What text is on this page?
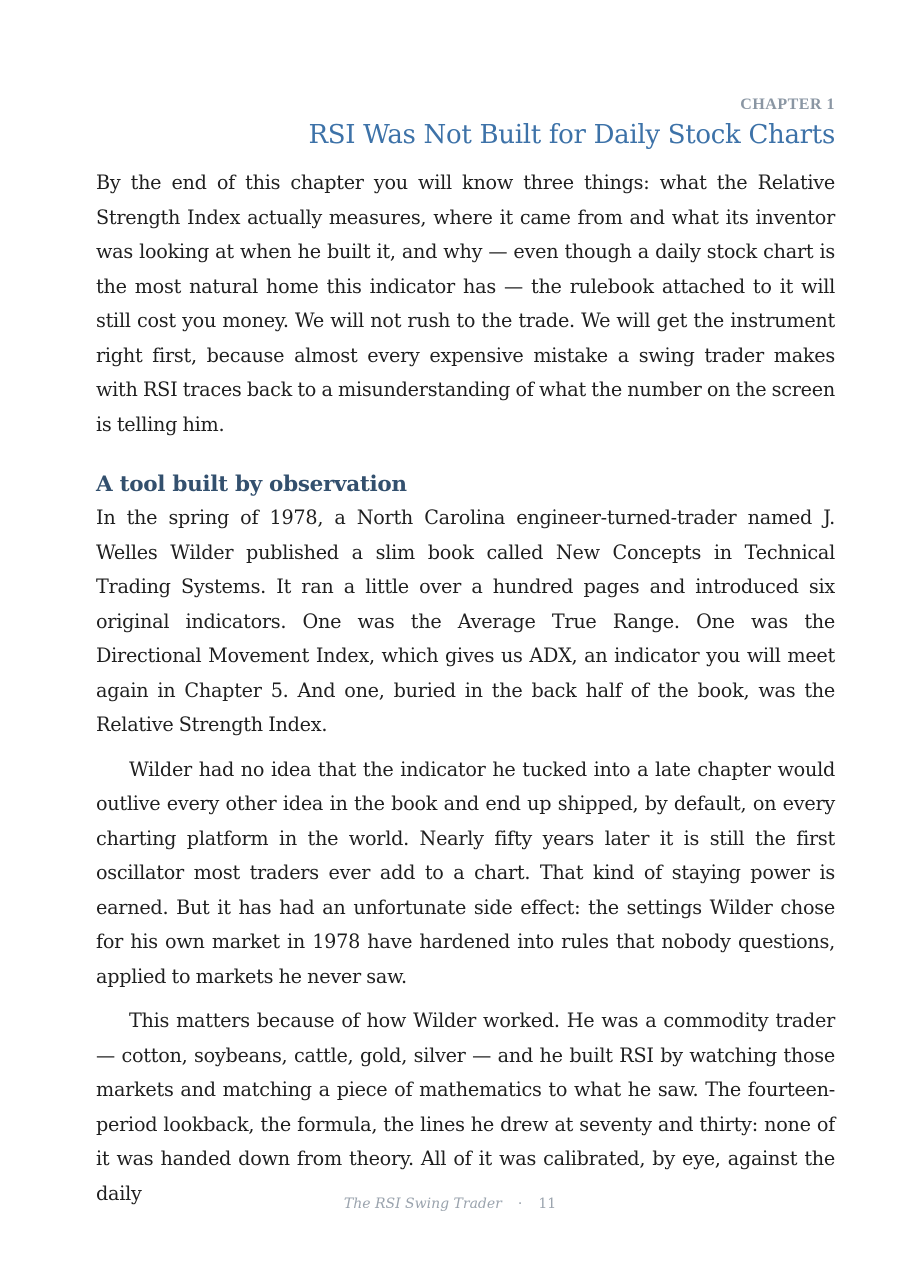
CHAPTER 1
RSI Was Not Built for Daily Stock Charts

By the end of this chapter you will know three things: what the Relative Strength Index actually measures, where it came from and what its inventor was looking at when he built it, and why — even though a daily stock chart is the most natural home this indicator has — the rulebook attached to it will still cost you money. We will not rush to the trade. We will get the instrument right first, because almost every expensive mistake a swing trader makes with RSI traces back to a misunderstanding of what the number on the screen is telling him.

A tool built by observation

In the spring of 1978, a North Carolina engineer-turned-trader named J. Welles Wilder published a slim book called New Concepts in Technical Trading Systems. It ran a little over a hundred pages and introduced six original indicators. One was the Average True Range. One was the Directional Movement Index, which gives us ADX, an indicator you will meet again in Chapter 5. And one, buried in the back half of the book, was the Relative Strength Index.

Wilder had no idea that the indicator he tucked into a late chapter would outlive every other idea in the book and end up shipped, by default, on every charting platform in the world. Nearly fifty years later it is still the first oscillator most traders ever add to a chart. That kind of staying power is earned. But it has had an unfortunate side effect: the settings Wilder chose for his own market in 1978 have hardened into rules that nobody questions, applied to markets he never saw.

This matters because of how Wilder worked. He was a commodity trader — cotton, soybeans, cattle, gold, silver — and he built RSI by watching those markets and matching a piece of mathematics to what he saw. The fourteen-period lookback, the formula, the lines he drew at seventy and thirty: none of it was handed down from theory. All of it was calibrated, by eye, against the daily	The RSI Swing Trader · 11
